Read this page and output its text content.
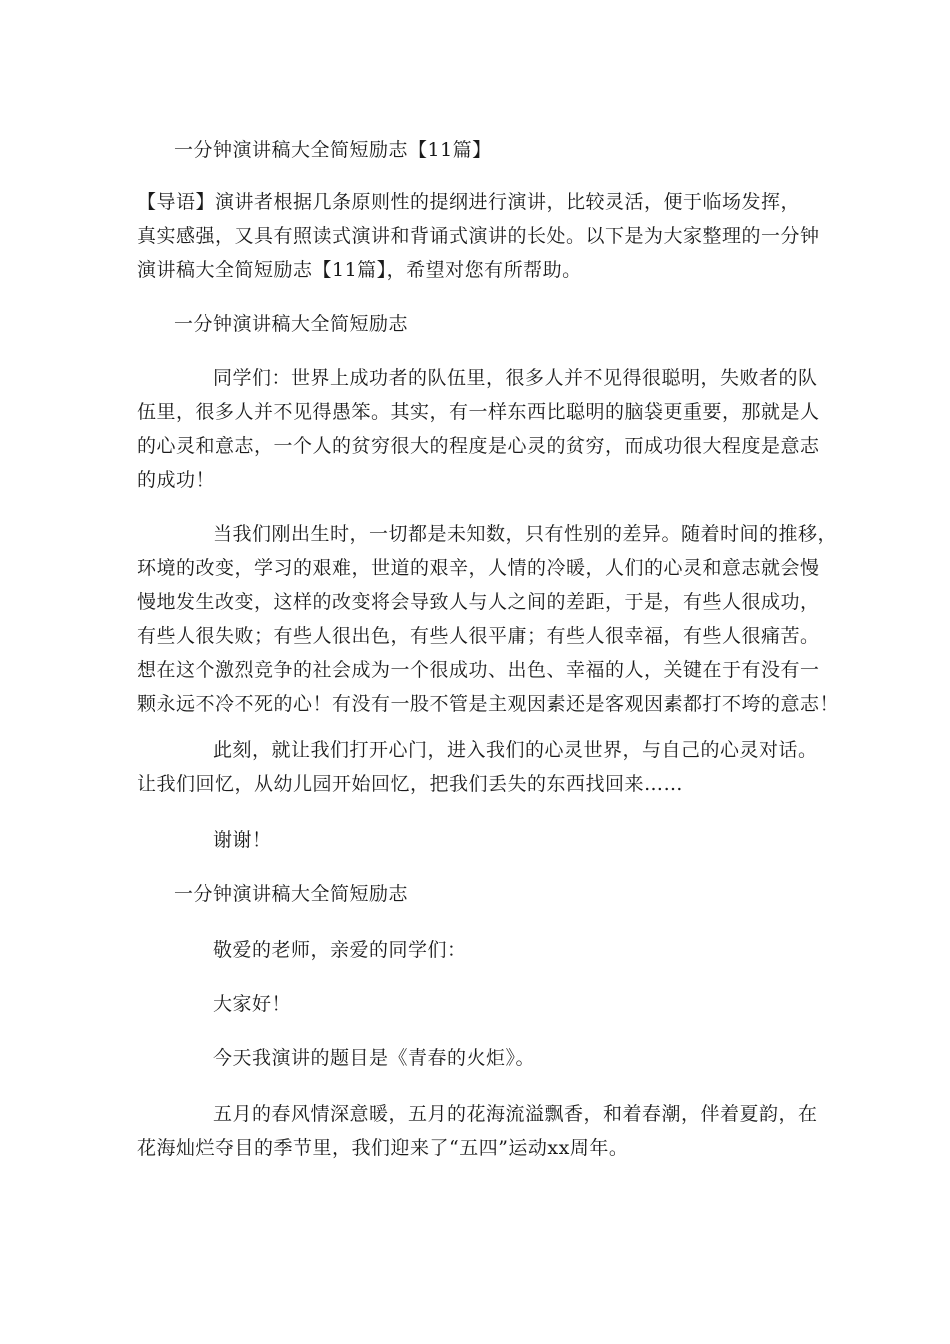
一分钟演讲稿大全简短励志【11篇】

【导语】演讲者根据几条原则性的提纲进行演讲，比较灵活，便于临场发挥，
真实感强，又具有照读式演讲和背诵式演讲的长处。以下是为大家整理的一分钟
演讲稿大全简短励志【11篇】，希望对您有所帮助。

一分钟演讲稿大全简短励志

同学们：世界上成功者的队伍里，很多人并不见得很聪明，失败者的队
伍里，很多人并不见得愚笨。其实，有一样东西比聪明的脑袋更重要，那就是人
的心灵和意志，一个人的贫穷很大的程度是心灵的贫穷，而成功很大程度是意志
的成功！
当我们刚出生时，一切都是未知数，只有性别的差异。随着时间的推移，
环境的改变，学习的艰难，世道的艰辛，人情的冷暖，人们的心灵和意志就会慢
慢地发生改变，这样的改变将会导致人与人之间的差距，于是，有些人很成功，
有些人很失败；有些人很出色，有些人很平庸；有些人很幸福，有些人很痛苦。
想在这个激烈竞争的社会成为一个很成功、出色、幸福的人，关键在于有没有一
颗永远不冷不死的心！有没有一股不管是主观因素还是客观因素都打不垮的意志！
此刻，就让我们打开心门，进入我们的心灵世界，与自己的心灵对话。
让我们回忆，从幼儿园开始回忆，把我们丢失的东西找回来……

谢谢！

一分钟演讲稿大全简短励志

敬爱的老师，亲爱的同学们：

大家好！

今天我演讲的题目是《青春的火炬》。

五月的春风情深意暖，五月的花海流溢飘香，和着春潮，伴着夏韵，在
花海灿烂夺目的季节里，我们迎来了“五四”运动xx周年。
